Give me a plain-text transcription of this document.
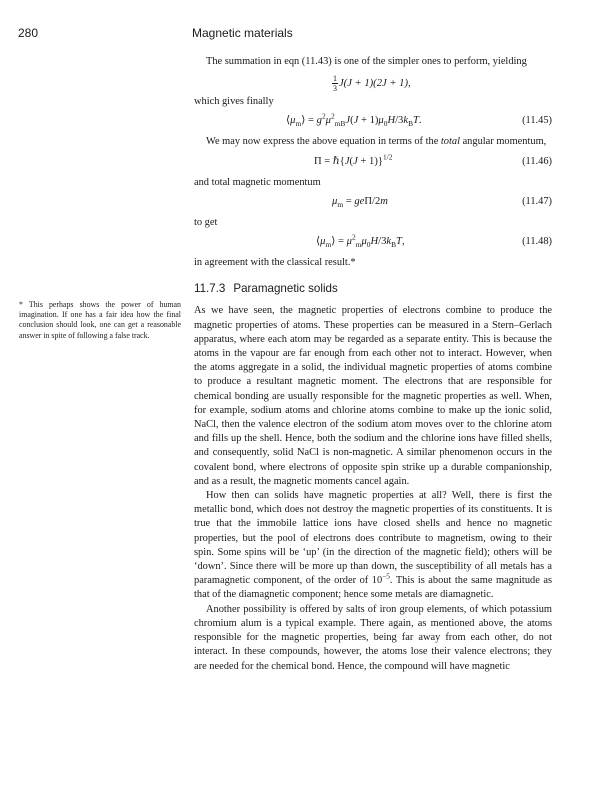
280	Magnetic materials

* This perhaps shows the power of human imagination. If one has a fair idea how the final conclusion should look, one can get a reasonable answer in spite of following a false track.

The summation in eqn (11.43) is one of the simpler ones to perform, yielding

$\frac{1}{3} J(J + 1)(2J + 1)$,

which gives finally

$⟨\mu_m⟩ = g^2\mu^2_{mB}J(J + 1)\mu_0H/3k_BT$.	(11.45)

We may now express the above equation in terms of the total angular momentum,

Π = ℏ{J(J + 1)}$^{1/2}$	(11.46)

and total magnetic momentum

$\mu_m = ge\Pi/2m$	(11.47)

to get

$⟨\mu_m⟩ = \mu^2_m\mu_0H/3k_BT$,	(11.48)

in agreement with the classical result.*

11.7.3 Paramagnetic solids

As we have seen, the magnetic properties of electrons combine to produce the magnetic properties of atoms. These properties can be measured in a Stern–Gerlach apparatus, where each atom may be regarded as a separate entity. This is because the atoms in the vapour are far enough from each other not to interact. However, when the atoms aggregate in a solid, the individual magnetic properties of atoms combine to produce a resultant magnetic moment. The electrons that are responsible for chemical bonding are usually responsible for the magnetic properties as well. When, for example, sodium atoms and chlorine atoms combine to make up the ionic solid, NaCl, then the valence electron of the sodium atom moves over to the chlorine atom and fills up the shell. Hence, both the sodium and the chlorine ions have filled shells, and consequently, solid NaCl is non-magnetic. A similar phenomenon occurs in the covalent bond, where electrons of opposite spin strike up a durable companionship, and as a result, the magnetic moments cancel again.

How then can solids have magnetic properties at all? Well, there is first the metallic bond, which does not destroy the magnetic properties of its constituents. It is true that the immobile lattice ions have closed shells and hence no magnetic properties, but the pool of electrons does contribute to magnetism, owing to their spin. Some spins will be ‘up’ (in the direction of the magnetic field); others will be ‘down’. Since there will be more up than down, the susceptibility of all metals has a paramagnetic component, of the order of $10^{-5}$. This is about the same magnitude as that of the diamagnetic component; hence some metals are diamagnetic.

Another possibility is offered by salts of iron group elements, of which potassium chromium alum is a typical example. There again, as mentioned above, the atoms responsible for the magnetic properties, being far away from each other, do not interact. In these compounds, however, the atoms lose their valence electrons; they are needed for the chemical bond. Hence, the compound will have magnetic
